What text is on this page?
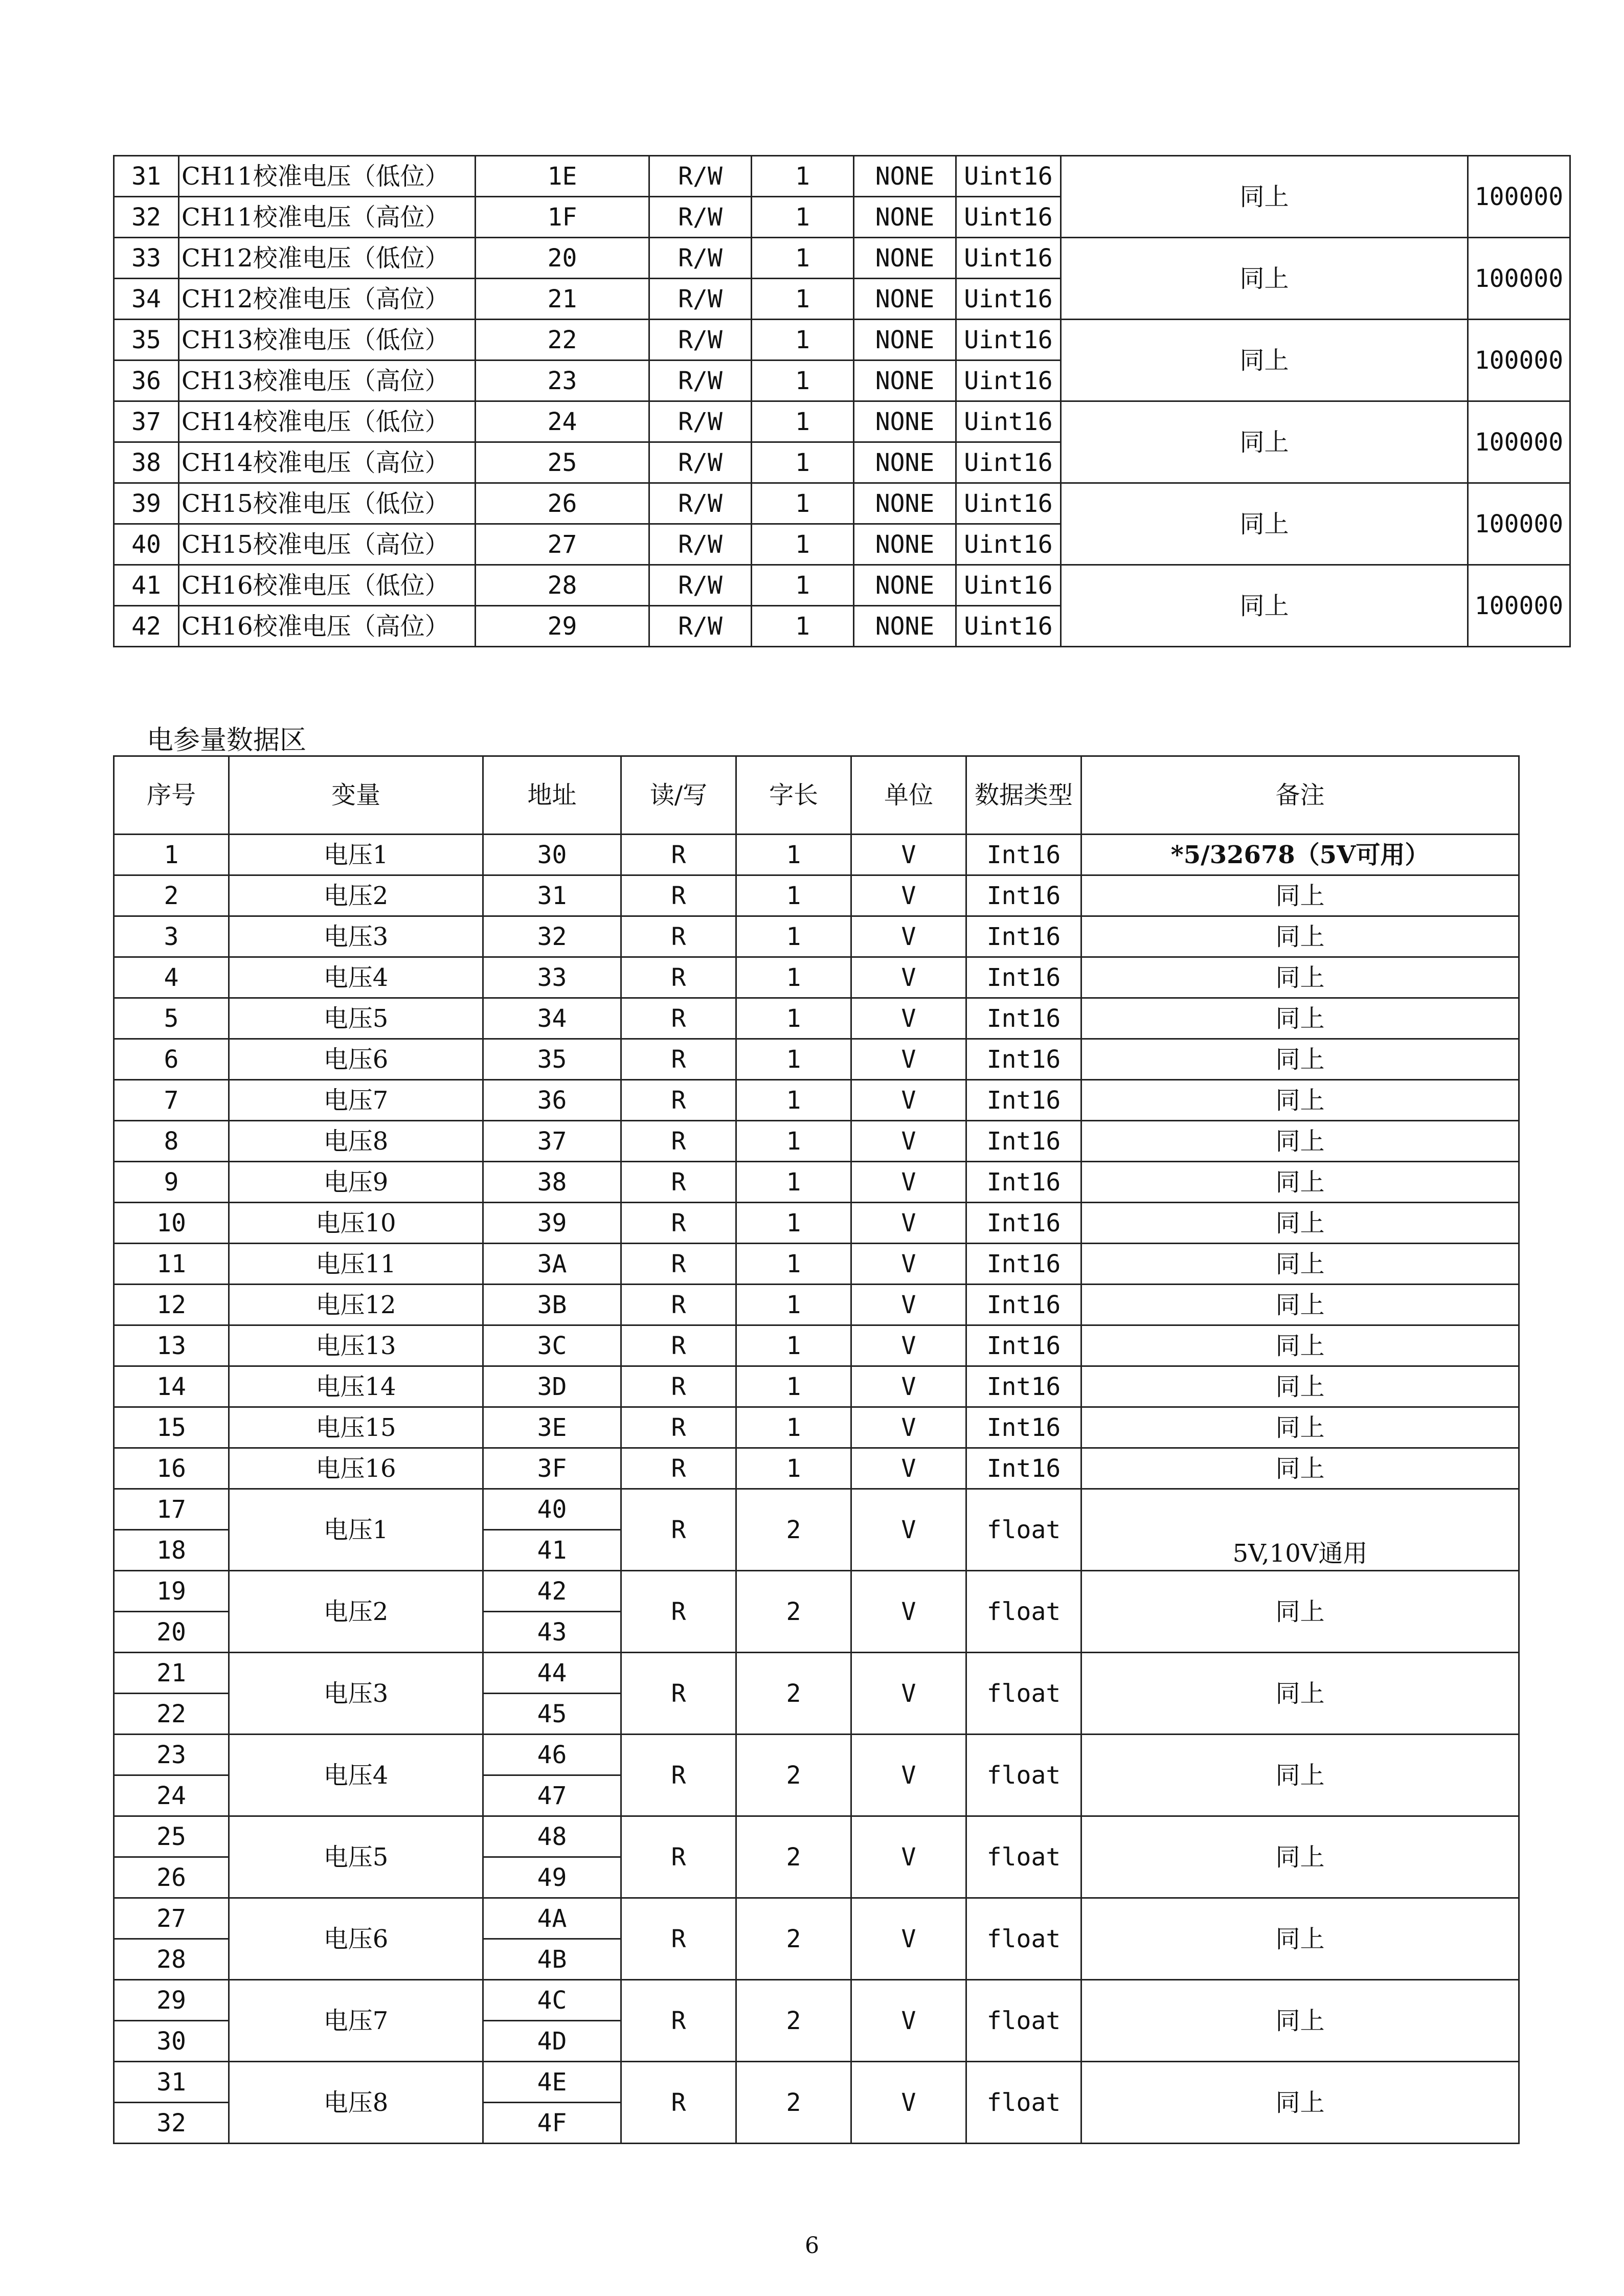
31	CH11校准电压（低位）	1E	R/W	1	NONE	Uint16	同上	100000
32	CH11校准电压（高位）	1F	R/W	1	NONE	Uint16		
33	CH12校准电压（低位）	20	R/W	1	NONE	Uint16	同上	100000
34	CH12校准电压（高位）	21	R/W	1	NONE	Uint16		
35	CH13校准电压（低位）	22	R/W	1	NONE	Uint16	同上	100000
36	CH13校准电压（高位）	23	R/W	1	NONE	Uint16		
37	CH14校准电压（低位）	24	R/W	1	NONE	Uint16	同上	100000
38	CH14校准电压（高位）	25	R/W	1	NONE	Uint16		
39	CH15校准电压（低位）	26	R/W	1	NONE	Uint16	同上	100000
40	CH15校准电压（高位）	27	R/W	1	NONE	Uint16		
41	CH16校准电压（低位）	28	R/W	1	NONE	Uint16	同上	100000
42	CH16校准电压（高位）	29	R/W	1	NONE	Uint16		
电参量数据区
序号	变量	地址	读/写	字长	单位	数据类型	备注
1	电压1	30	R	1	V	Int16	*5/32678（5V可用）
2	电压2	31	R	1	V	Int16	同上
3	电压3	32	R	1	V	Int16	同上
4	电压4	33	R	1	V	Int16	同上
5	电压5	34	R	1	V	Int16	同上
6	电压6	35	R	1	V	Int16	同上
7	电压7	36	R	1	V	Int16	同上
8	电压8	37	R	1	V	Int16	同上
9	电压9	38	R	1	V	Int16	同上
10	电压10	39	R	1	V	Int16	同上
11	电压11	3A	R	1	V	Int16	同上
12	电压12	3B	R	1	V	Int16	同上
13	电压13	3C	R	1	V	Int16	同上
14	电压14	3D	R	1	V	Int16	同上
15	电压15	3E	R	1	V	Int16	同上
16	电压16	3F	R	1	V	Int16	同上
17	电压1	40	R	2	V	float	5V,10V通用
18		41					
19	电压2	42	R	2	V	float	同上
20		43					
21	电压3	44	R	2	V	float	同上
22		45					
23	电压4	46	R	2	V	float	同上
24		47					
25	电压5	48	R	2	V	float	同上
26		49					
27	电压6	4A	R	2	V	float	同上
28		4B					
29	电压7	4C	R	2	V	float	同上
30		4D					
31	电压8	4E	R	2	V	float	同上
32		4F					
6
